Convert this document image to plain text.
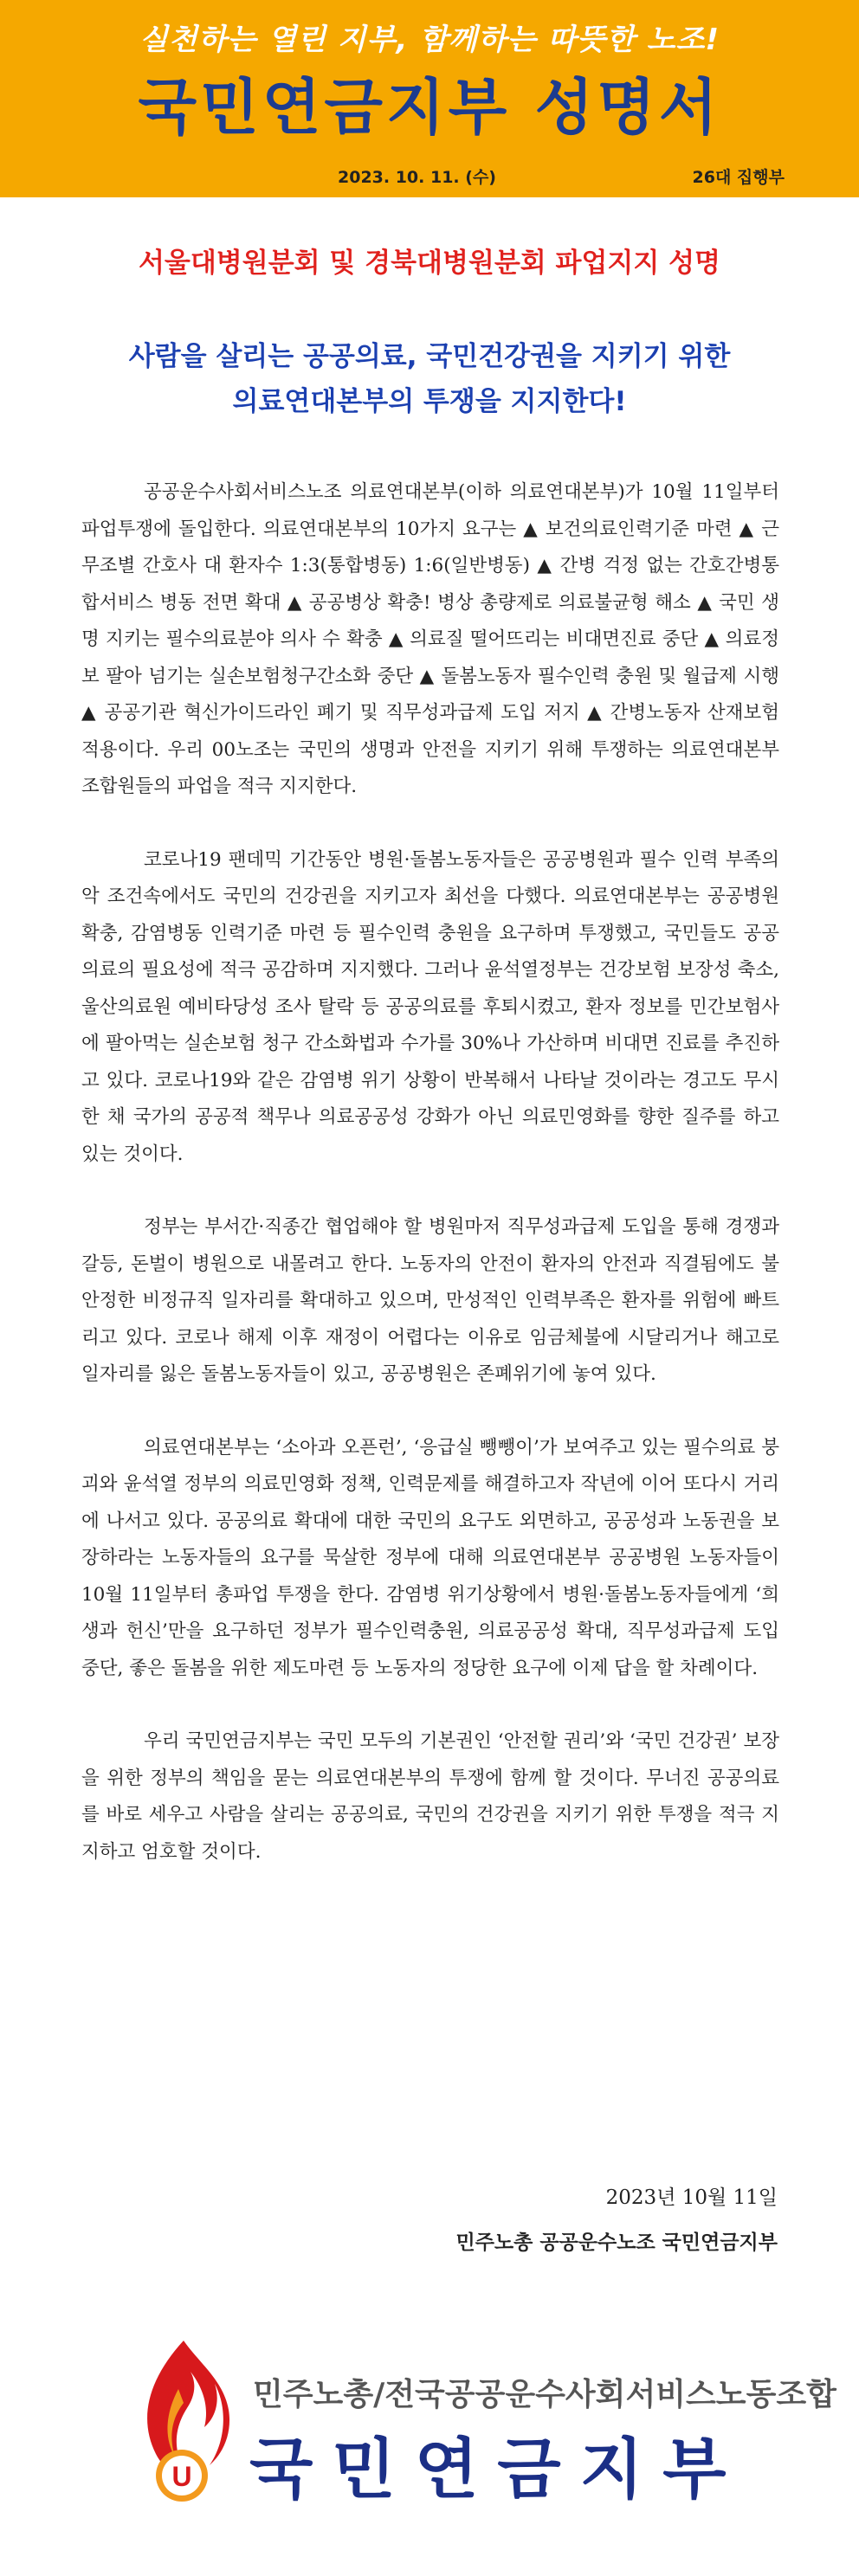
실천하는 열린 지부, 함께하는 따뜻한 노조!
국민연금지부 성명서
2023. 10. 11. (수)	26대 집행부
서울대병원분회 및 경북대병원분회 파업지지 성명
사람을 살리는 공공의료, 국민건강권을 지키기 위한
의료연대본부의 투쟁을 지지한다!

공공운수사회서비스노조 의료연대본부(이하 의료연대본부)가 10월 11일부터 파업투쟁에 돌입한다. 의료연대본부의 10가지 요구는 ▲ 보건의료인력기준 마련 ▲ 근무조별 간호사 대 환자수 1:3(통합병동) 1:6(일반병동) ▲ 간병 걱정 없는 간호간병통합서비스 병동 전면 확대 ▲ 공공병상 확충! 병상 총량제로 의료불균형 해소 ▲ 국민 생명 지키는 필수의료분야 의사 수 확충 ▲ 의료질 떨어뜨리는 비대면진료 중단 ▲ 의료정보 팔아 넘기는 실손보험청구간소화 중단 ▲ 돌봄노동자 필수인력 충원 및 월급제 시행 ▲ 공공기관 혁신가이드라인 폐기 및 직무성과급제 도입 저지 ▲ 간병노동자 산재보험 적용이다. 우리 00노조는 국민의 생명과 안전을 지키기 위해 투쟁하는 의료연대본부 조합원들의 파업을 적극 지지한다.

코로나19 팬데믹 기간동안 병원·돌봄노동자들은 공공병원과 필수 인력 부족의 악 조건속에서도 국민의 건강권을 지키고자 최선을 다했다. 의료연대본부는 공공병원 확충, 감염병동 인력기준 마련 등 필수인력 충원을 요구하며 투쟁했고, 국민들도 공공의료의 필요성에 적극 공감하며 지지했다. 그러나 윤석열정부는 건강보험 보장성 축소, 울산의료원 예비타당성 조사 탈락 등 공공의료를 후퇴시켰고, 환자 정보를 민간보험사에 팔아먹는 실손보험 청구 간소화법과 수가를 30%나 가산하며 비대면 진료를 추진하고 있다. 코로나19와 같은 감염병 위기 상황이 반복해서 나타날 것이라는 경고도 무시한 채 국가의 공공적 책무나 의료공공성 강화가 아닌 의료민영화를 향한 질주를 하고 있는 것이다.

정부는 부서간·직종간 협업해야 할 병원마저 직무성과급제 도입을 통해 경쟁과 갈등, 돈벌이 병원으로 내몰려고 한다. 노동자의 안전이 환자의 안전과 직결됨에도 불안정한 비정규직 일자리를 확대하고 있으며, 만성적인 인력부족은 환자를 위험에 빠트리고 있다. 코로나 해제 이후 재정이 어렵다는 이유로 임금체불에 시달리거나 해고로 일자리를 잃은 돌봄노동자들이 있고, 공공병원은 존폐위기에 놓여 있다.

의료연대본부는 ‘소아과 오픈런’, ‘응급실 뺑뺑이’가 보여주고 있는 필수의료 붕괴와 윤석열 정부의 의료민영화 정책, 인력문제를 해결하고자 작년에 이어 또다시 거리에 나서고 있다. 공공의료 확대에 대한 국민의 요구도 외면하고, 공공성과 노동권을 보장하라는 노동자들의 요구를 묵살한 정부에 대해 의료연대본부 공공병원 노동자들이 10월 11일부터 총파업 투쟁을 한다. 감염병 위기상황에서 병원·돌봄노동자들에게 ‘희생과 헌신’만을 요구하던 정부가 필수인력충원, 의료공공성 확대, 직무성과급제 도입 중단, 좋은 돌봄을 위한 제도마련 등 노동자의 정당한 요구에 이제 답을 할 차례이다.

우리 국민연금지부는 국민 모두의 기본권인 ‘안전할 권리’와 ‘국민 건강권’ 보장을 위한 정부의 책임을 묻는 의료연대본부의 투쟁에 함께 할 것이다. 무너진 공공의료를 바로 세우고 사람을 살리는 공공의료, 국민의 건강권을 지키기 위한 투쟁을 적극 지지하고 엄호할 것이다.

2023년 10월 11일
민주노총 공공운수노조 국민연금지부
U
민주노총/전국공공운수사회서비스노동조합
국민연금지부
